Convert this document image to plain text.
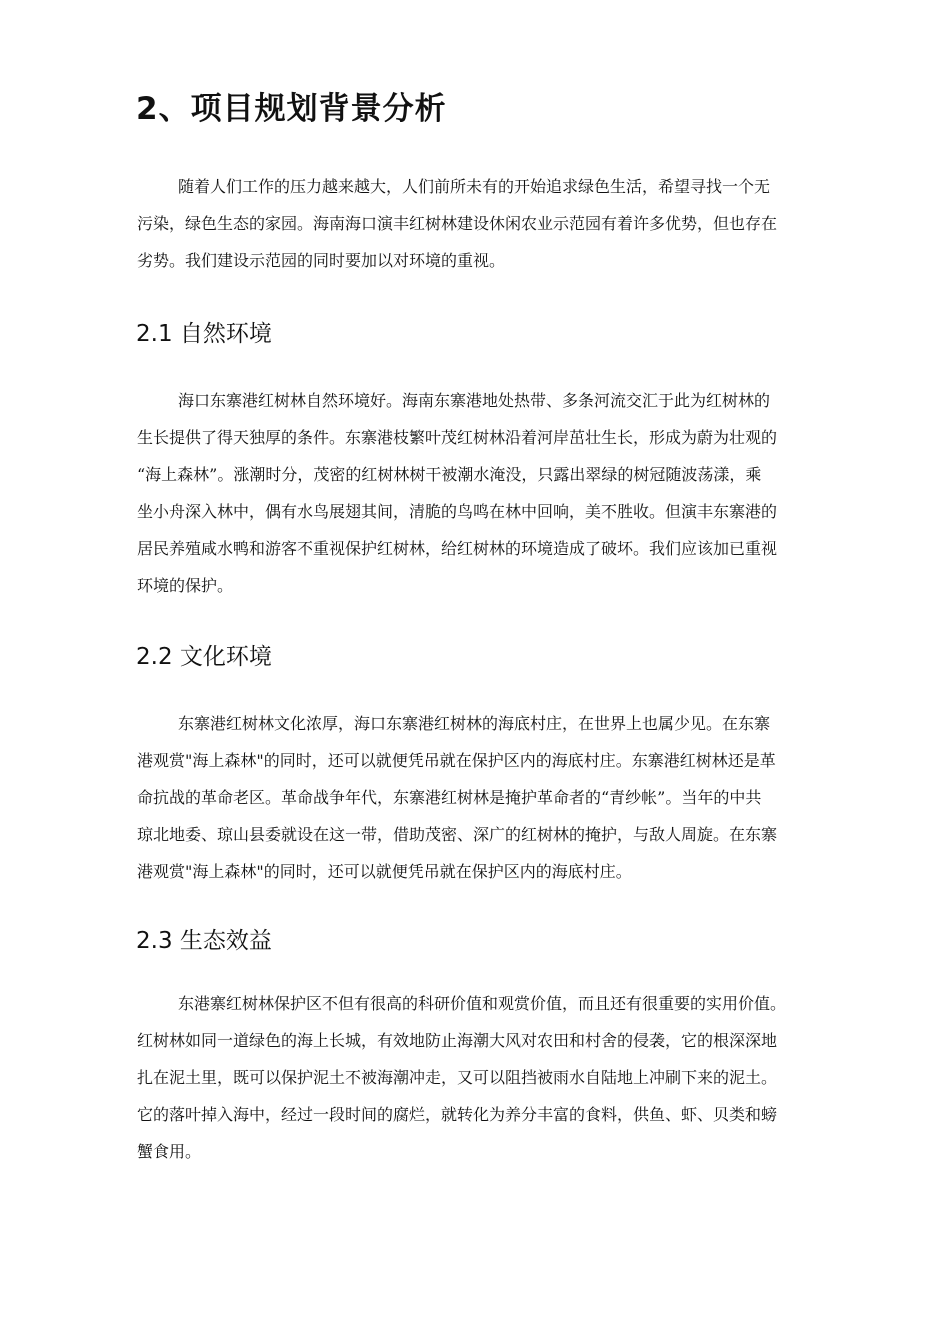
2、项目规划背景分析
随着人们工作的压力越来越大，人们前所未有的开始追求绿色生活，希望寻找一个无
污染，绿色生态的家园。海南海口演丰红树林建设休闲农业示范园有着许多优势，但也存在
劣势。我们建设示范园的同时要加以对环境的重视。
2.1 自然环境
海口东寨港红树林自然环境好。海南东寨港地处热带、多条河流交汇于此为红树林的
生长提供了得天独厚的条件。东寨港枝繁叶茂红树林沿着河岸茁壮生长，形成为蔚为壮观的
“海上森林”。涨潮时分，茂密的红树林树干被潮水淹没，只露出翠绿的树冠随波荡漾，乘
坐小舟深入林中，偶有水鸟展翅其间，清脆的鸟鸣在林中回响，美不胜收。但演丰东寨港的
居民养殖咸水鸭和游客不重视保护红树林，给红树林的环境造成了破坏。我们应该加已重视
环境的保护。
2.2 文化环境
东寨港红树林文化浓厚，海口东寨港红树林的海底村庄，在世界上也属少见。在东寨
港观赏"海上森林"的同时，还可以就便凭吊就在保护区内的海底村庄。东寨港红树林还是革
命抗战的革命老区。革命战争年代，东寨港红树林是掩护革命者的“青纱帐”。当年的中共
琼北地委、琼山县委就设在这一带，借助茂密、深广的红树林的掩护，与敌人周旋。在东寨
港观赏"海上森林"的同时，还可以就便凭吊就在保护区内的海底村庄。
2.3 生态效益
东港寨红树林保护区不但有很高的科研价值和观赏价值，而且还有很重要的实用价值。
红树林如同一道绿色的海上长城，有效地防止海潮大风对农田和村舍的侵袭，它的根深深地
扎在泥土里，既可以保护泥土不被海潮冲走，又可以阻挡被雨水自陆地上冲刷下来的泥土。
它的落叶掉入海中，经过一段时间的腐烂，就转化为养分丰富的食料，供鱼、虾、贝类和螃
蟹食用。
